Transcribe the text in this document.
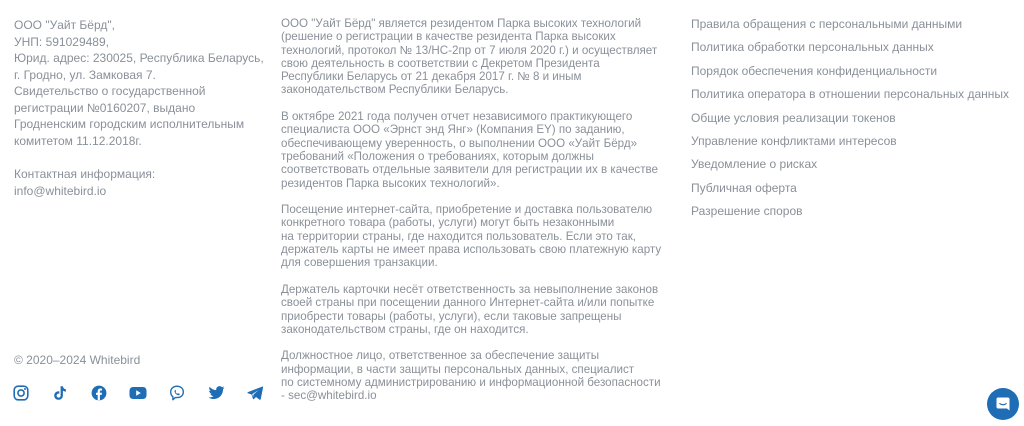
ООО "Уайт Бёрд",
УНП: 591029489,
Юрид. адрес: 230025, Республика Беларусь,
г. Гродно, ул. Замковая 7.
Свидетельство о государственной
регистрации №0160207, выдано
Гродненским городским исполнительным
комитетом 11.12.2018г.
Контактная информация:
info@whitebird.io
© 2020–2024 Whitebird

ООО "Уайт Бёрд" является резидентом Парка высоких технологий
(решение о регистрации в качестве резидента Парка высоких
технологий, протокол № 13/НС-2пр от 7 июля 2020 г.) и осуществляет
свою деятельность в соответствии с Декретом Президента
Республики Беларусь от 21 декабря 2017 г. № 8 и иным
законодательством Республики Беларусь.

В октябре 2021 года получен отчет независимого практикующего
специалиста ООО «Эрнст энд Янг» (Компания EY) по заданию,
обеспечивающему уверенность, о выполнении ООО «Уайт Бёрд»
требований «Положения о требованиях, которым должны
соответствовать отдельные заявители для регистрации их в качестве
резидентов Парка высоких технологий».

Посещение интернет-сайта, приобретение и доставка пользователю
конкретного товара (работы, услуги) могут быть незаконными
на территории страны, где находится пользователь. Если это так,
держатель карты не имеет права использовать свою платежную карту
для совершения транзакции.

Держатель карточки несёт ответственность за невыполнение законов
своей страны при посещении данного Интернет-сайта и/или попытке
приобрести товары (работы, услуги), если таковые запрещены
законодательством страны, где он находится.

Должностное лицо, ответственное за обеспечение защиты
информации, в части защиты персональных данных, специалист
по системному администрированию и информационной безопасности
- sec@whitebird.io

Правила обращения с персональными данными
Политика обработки персональных данных
Порядок обеспечения конфиденциальности
Политика оператора в отношении персональных данных
Общие условия реализации токенов
Управление конфликтами интересов
Уведомление о рисках
Публичная оферта
Разрешение споров
